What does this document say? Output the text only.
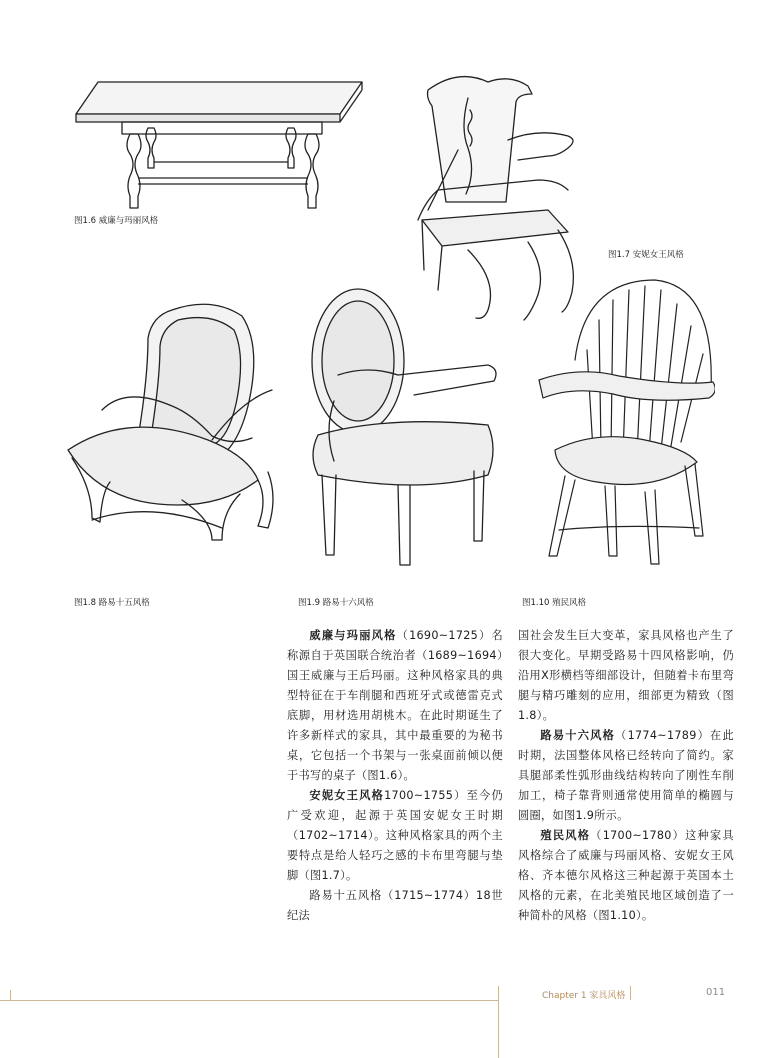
图1.6 威廉与玛丽风格
图1.7 安妮女王风格
图1.8 路易十五风格	图1.9 路易十六风格	图1.10 殖民风格

威廉与玛丽风格（1690~1725）名称源自于英国联合统治者（1689~1694）国王威廉与王后玛丽。这种风格家具的典型特征在于车削腿和西班牙式或德雷克式底脚，用材选用胡桃木。在此时期诞生了许多新样式的家具，其中最重要的为秘书桌，它包括一个书架与一张桌面前倾以便于书写的桌子（图1.6）。

安妮女王风格1700~1755）至今仍广受欢迎，起源于英国安妮女王时期（1702~1714）。这种风格家具的两个主要特点是给人轻巧之感的卡布里弯腿与垫脚（图1.7）。

路易十五风格（1715~1774）18世纪法

国社会发生巨大变革，家具风格也产生了很大变化。早期受路易十四风格影响，仍沿用X形横档等细部设计，但随着卡布里弯腿与精巧雕刻的应用，细部更为精致（图1.8）。

路易十六风格（1774~1789）在此时期，法国整体风格已经转向了简约。家具腿部柔性弧形曲线结构转向了刚性车削加工，椅子靠背则通常使用简单的椭圆与圆圈，如图1.9所示。

殖民风格（1700~1780）这种家具风格综合了威廉与玛丽风格、安妮女王风格、齐本德尔风格这三种起源于英国本土风格的元素，在北美殖民地区域创造了一种简朴的风格（图1.10）。

Chapter 1 家具风格	011
